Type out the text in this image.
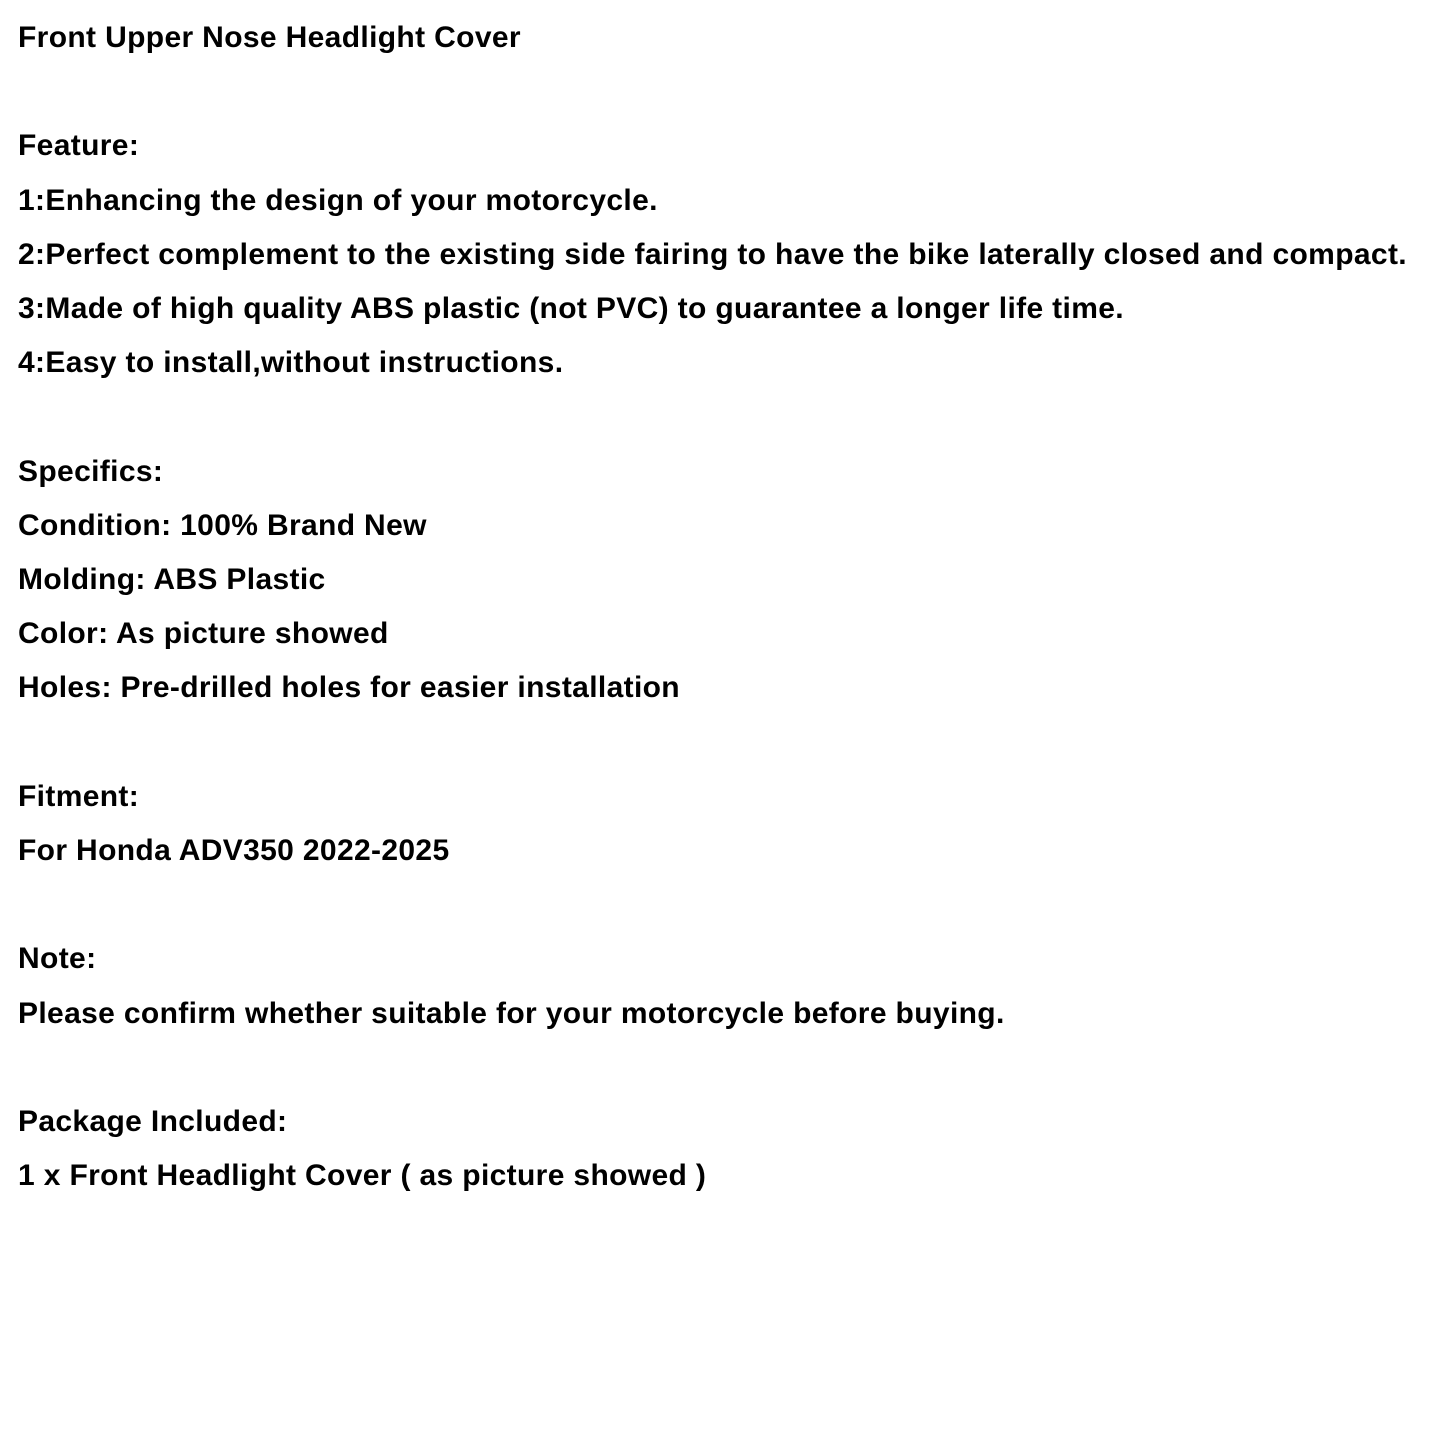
Front Upper Nose Headlight Cover
Feature:
1:Enhancing the design of your motorcycle.
2:Perfect complement to the existing side fairing to have the bike laterally closed and compact.
3:Made of high quality ABS plastic (not PVC) to guarantee a longer life time.
4:Easy to install,without instructions.
Specifics:
Condition: 100% Brand New
Molding: ABS Plastic
Color: As picture showed
Holes: Pre-drilled holes for easier installation
Fitment:
For Honda ADV350 2022-2025
Note:
Please confirm whether suitable for your motorcycle before buying.
Package Included:
1 x Front Headlight Cover ( as picture showed )
